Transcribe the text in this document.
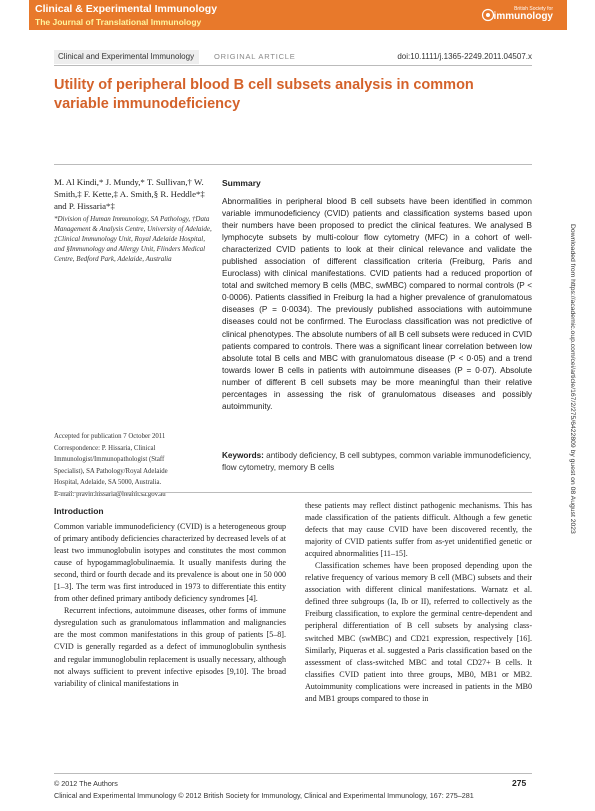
Clinical & Experimental Immunology
The Journal of Translational Immunology
British Society for
immunology
Clinical and Experimental Immunology	ORIGINAL ARTICLE	doi:10.1111/j.1365-2249.2011.04507.x
Utility of peripheral blood B cell subsets analysis in common variable immunodeficiency
M. Al Kindi,* J. Mundy,* T. Sullivan,† W. Smith,‡ F. Kette,‡ A. Smith,§ R. Heddle*‡ and P. Hissaria*‡
*Division of Human Immunology, SA Pathology, †Data Management & Analysis Centre, University of Adelaide, ‡Clinical Immunology Unit, Royal Adelaide Hospital, and §Immunology and Allergy Unit, Flinders Medical Centre, Bedford Park, Adelaide, Australia
Accepted for publication 7 October 2011
Correspondence: P. Hissaria, Clinical
Immunologist/Immunopathologist (Staff
Specialist), SA Pathology/Royal Adelaide
Hospital, Adelaide, SA 5000, Australia.
E-mail: pravin.hissaria@health.sa.gov.au
Summary
Abnormalities in peripheral blood B cell subsets have been identified in common variable immunodeficiency (CVID) patients and classification systems based upon their numbers have been proposed to predict the clinical features. We analysed B lymphocyte subsets by multi-colour flow cytometry (MFC) in a cohort of well-characterized CVID patients to look at their clinical relevance and validate the published association of different classification criteria (Freiburg, Paris and Euroclass) with clinical manifestations. CVID patients had a reduced proportion of total and switched memory B cells (MBC, swMBC) compared to normal controls (P < 0·0006). Patients classified in Freiburg Ia had a higher prevalence of granulomatous diseases (P = 0·0034). The previously published associations with autoimmune diseases could not be confirmed. The Euroclass classification was not predictive of clinical phenotypes. The absolute numbers of all B cell subsets were reduced in CVID patients compared to controls. There was a significant linear correlation between low absolute total B cells and MBC with granulomatous disease (P < 0·05) and a trend towards lower B cells in patients with autoimmune diseases (P = 0·07). Absolute number of different B cell subsets may be more meaningful than their relative percentages in assessing the risk of granulomatous diseases and possibly autoimmunity.
Keywords: antibody deficiency, B cell subtypes, common variable immunodeficiency, flow cytometry, memory B cells
Introduction

Common variable immunodeficiency (CVID) is a heterogeneous group of primary antibody deficiencies characterized by decreased levels of at least two immunoglobulin isotypes and constitutes the most common cause of hypogammaglobulinaemia. It usually manifests during the second, third or fourth decade and its prevalence is about one in 50 000 [1–3]. The term was first introduced in 1973 to differentiate this entity from other defined primary antibody deficiency syndromes [4].

Recurrent infections, autoimmune diseases, other forms of immune dysregulation such as granulomatous inflammation and malignancies are the most common manifestations in this group of patients [5–8]. CVID is generally regarded as a defect of immunoglobulin synthesis and regular immunoglobulin replacement is usually necessary, although not always sufficient to prevent infective episodes [9,10]. The broad variability of clinical manifestations in

these patients may reflect distinct pathogenic mechanisms. This has made classification of the patients difficult. Although a few genetic defects that may cause CVID have been discovered recently, the majority of CVID patients suffer from as-yet unidentified genetic or acquired abnormalities [11–15].

Classification schemes have been proposed depending upon the relative frequency of various memory B cell (MBC) subsets and their association with different clinical manifestations. Warnatz et al. defined three subgroups (Ia, Ib or II), referred to collectively as the Freiburg classification, to explore the germinal centre-dependent and peripheral differentiation of B cell subsets by analysing class-switched MBC (swMBC) and CD21 expression, respectively [16]. Similarly, Piqueras et al. suggested a Paris classification based on the assessment of class-switched MBC and total CD27+ B cells. It classifies CVID patient into three groups, MB0, MB1 or MB2. Autoimmunity complications were increased in patients in the MB0 and MB1 groups compared to those in

Downloaded from https://academic.oup.com/cei/article/167/2/275/6422809 by guest on 08 August 2023
© 2012 The Authors
Clinical and Experimental Immunology © 2012 British Society for Immunology, Clinical and Experimental Immunology, 167: 275–281
275
